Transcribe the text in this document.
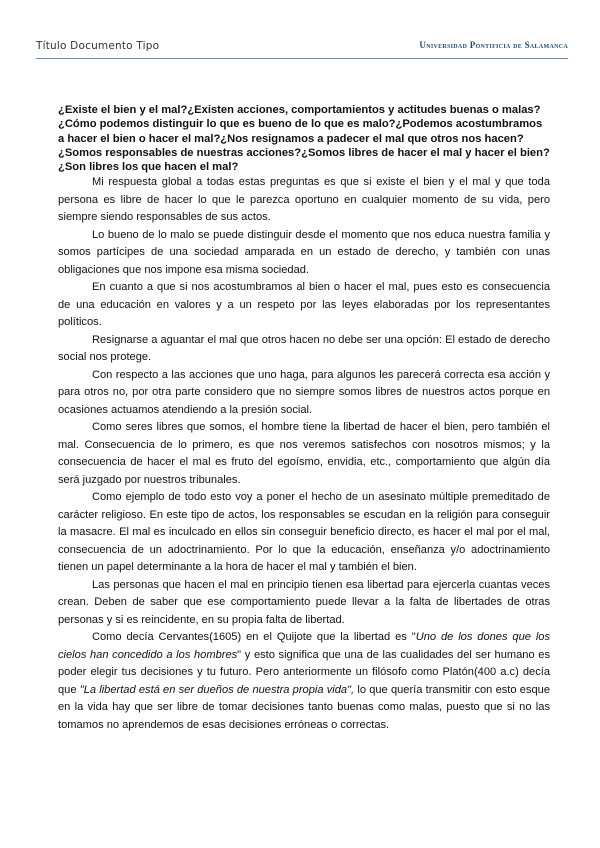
Título Documento Tipo	Universidad Pontificia de Salamanca

¿Existe el bien y el mal?¿Existen acciones, comportamientos y actitudes buenas o malas?¿Cómo podemos distinguir lo que es bueno de lo que es malo?¿Podemos acostumbramos a hacer el bien o hacer el mal?¿Nos resignamos a padecer el mal que otros nos hacen?¿Somos responsables de nuestras acciones?¿Somos libres de hacer el mal y hacer el bien?¿Son libres los que hacen el mal?

Mi respuesta global a todas estas preguntas es que si existe el bien y el mal y que toda persona es libre de hacer lo que le parezca oportuno en cualquier momento de su vida, pero siempre siendo responsables de sus actos.

Lo bueno de lo malo se puede distinguir desde el momento que nos educa nuestra familia y somos partícipes de una sociedad amparada en un estado de derecho, y también con unas obligaciones que nos impone esa misma sociedad.

En cuanto a que si nos acostumbramos al bien o hacer el mal, pues esto es consecuencia de una educación en valores y a un respeto por las leyes elaboradas por los representantes políticos.

Resignarse a aguantar el mal que otros hacen no debe ser una opción: El estado de derecho social nos protege.

Con respecto a las acciones que uno haga, para algunos les parecerá correcta esa acción y para otros no, por otra parte considero que no siempre somos libres de nuestros actos porque en ocasiones actuamos atendiendo a la presión social.

Como seres libres que somos, el hombre tiene la libertad de hacer el bien, pero también el mal. Consecuencia de lo primero, es que nos veremos satisfechos con nosotros mismos; y la consecuencia de hacer el mal es fruto del egoísmo, envidia, etc., comportamiento que algún día será juzgado por nuestros tribunales.

Como ejemplo de todo esto voy a poner el hecho de un asesinato múltiple premeditado de carácter religioso. En este tipo de actos, los responsables se escudan en la religión para conseguir la masacre. El mal es inculcado en ellos sin conseguir beneficio directo, es hacer el mal por el mal, consecuencia de un adoctrinamiento. Por lo que la educación, enseñanza y/o adoctrinamiento tienen un papel determinante a la hora de hacer el mal y también el bien.

Las personas que hacen el mal en principio tienen esa libertad para ejercerla cuantas veces crean. Deben de saber que ese comportamiento puede llevar a la falta de libertades de otras personas y si es reincidente, en su propia falta de libertad.

Como decía Cervantes(1605) en el Quijote que la libertad es "Uno de los dones que los cielos han concedido a los hombres" y esto significa que una de las cualidades del ser humano es poder elegir tus decisiones y tu futuro. Pero anteriormente un filósofo como Platón(400 a.c) decía que "La libertad está en ser dueños de nuestra propia vida", lo que quería transmitir con esto esque en la vida hay que ser libre de tomar decisiones tanto buenas como malas, puesto que si no las tomamos no aprendemos de esas decisiones erróneas o correctas.
